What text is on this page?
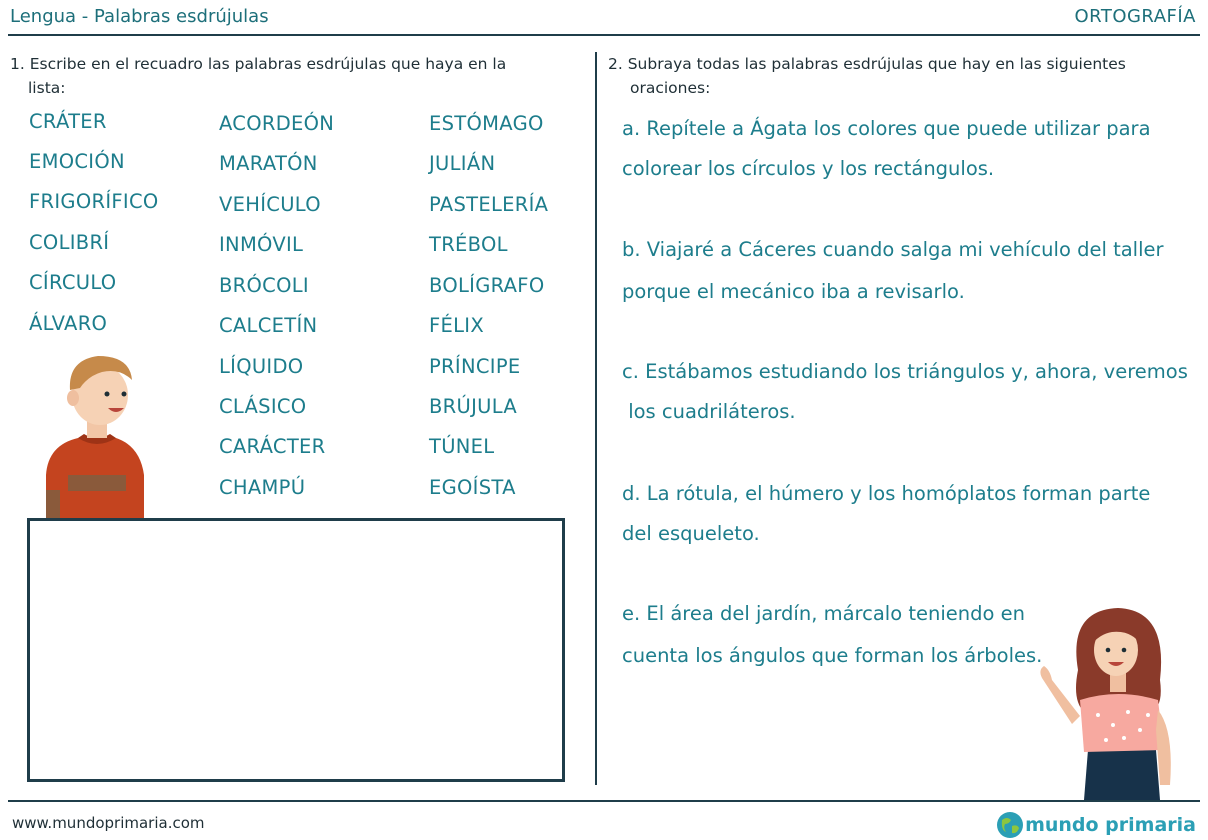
Lengua - Palabras esdrújulas	ORTOGRAFÍA
1. Escribe en el recuadro las palabras esdrújulas que haya en la
lista:
2. Subraya todas las palabras esdrújulas que hay en las siguientes
oraciones:
CRÁTER
EMOCIÓN
FRIGORÍFICO
COLIBRÍ
CÍRCULO
ÁLVARO
ACORDEÓN
MARATÓN
VEHÍCULO
INMÓVIL
BRÓCOLI
CALCETÍN
LÍQUIDO
CLÁSICO
CARÁCTER
CHAMPÚ
ESTÓMAGO
JULIÁN
PASTELERÍA
TRÉBOL
BOLÍGRAFO
FÉLIX
PRÍNCIPE
BRÚJULA
TÚNEL
EGOÍSTA
a. Repítele a Ágata los colores que puede utilizar para
colorear los círculos y los rectángulos.
b. Viajaré a Cáceres cuando salga mi vehículo del taller
porque el mecánico iba a revisarlo.
c. Estábamos estudiando los triángulos y, ahora, veremos
los cuadriláteros.
d. La rótula, el húmero y los homóplatos forman parte
del esqueleto.
e. El área del jardín, márcalo teniendo en
cuenta los ángulos que forman los árboles.
www.mundoprimaria.com	mundo primaria
